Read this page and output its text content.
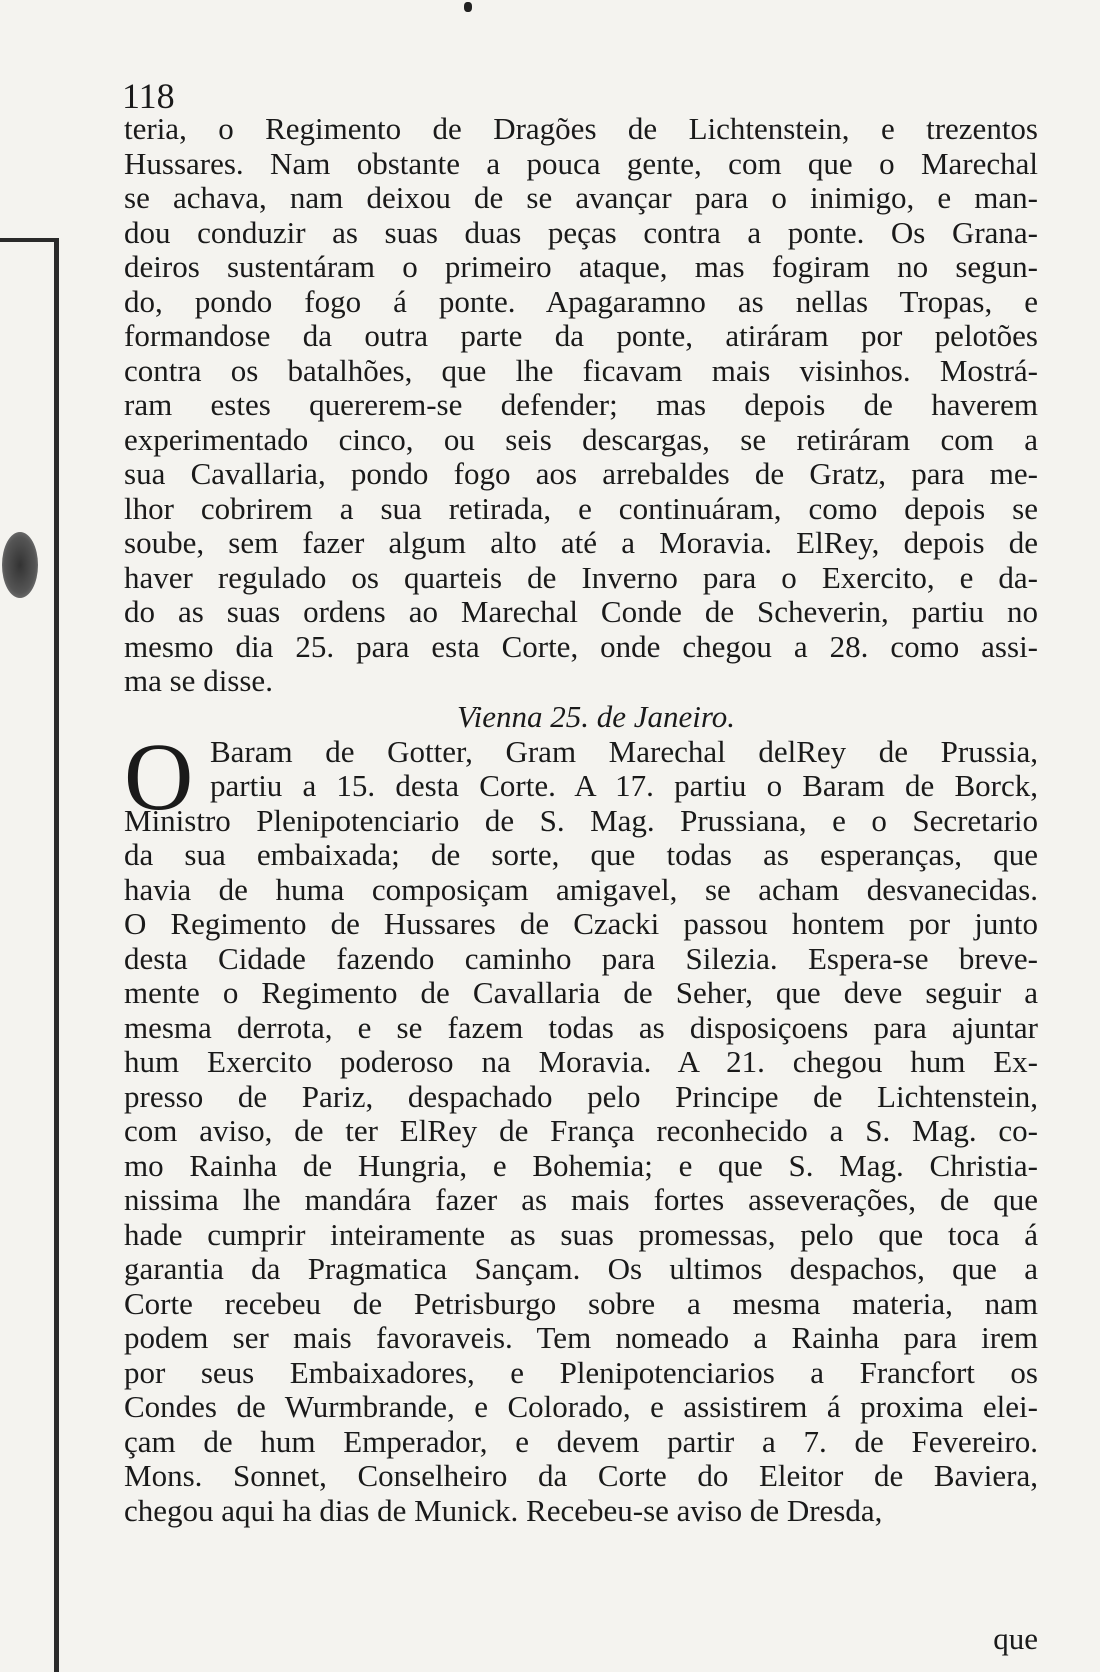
118
teria, o Regimento de Dragões de Lichtenstein, e trezentos
Hussares. Nam obstante a pouca gente, com que o Marechal
se achava, nam deixou de se avançar para o inimigo, e man-
dou conduzir as suas duas peças contra a ponte. Os Grana-
deiros sustentáram o primeiro ataque, mas fogiram no segun-
do, pondo fogo á ponte. Apagaramno as nellas Tropas, e
formandose da outra parte da ponte, atiráram por pelotões
contra os batalhões, que lhe ficavam mais visinhos. Mostrá-
ram estes quererem-se defender; mas depois de haverem
experimentado cinco, ou seis descargas, se retiráram com a
sua Cavallaria, pondo fogo aos arrebaldes de Gratz, para me-
lhor cobrirem a sua retirada, e continuáram, como depois se
soube, sem fazer algum alto até a Moravia. ElRey, depois de
haver regulado os quarteis de Inverno para o Exercito, e da-
do as suas ordens ao Marechal Conde de Scheverin, partiu no
mesmo dia 25. para esta Corte, onde chegou a 28. como assi-
ma se disse.
Vienna 25. de Janeiro.
O Baram de Gotter, Gram Marechal delRey de Prussia,
partiu a 15. desta Corte. A 17. partiu o Baram de Borck,
Ministro Plenipotenciario de S. Mag. Prussiana, e o Secretario
da sua embaixada; de sorte, que todas as esperanças, que
havia de huma composiçam amigavel, se acham desvanecidas.
O Regimento de Hussares de Czacki passou hontem por junto
desta Cidade fazendo caminho para Silezia. Espera-se breve-
mente o Regimento de Cavallaria de Seher, que deve seguir a
mesma derrota, e se fazem todas as disposiçoens para ajuntar
hum Exercito poderoso na Moravia. A 21. chegou hum Ex-
presso de Pariz, despachado pelo Principe de Lichtenstein,
com aviso, de ter ElRey de França reconhecido a S. Mag. co-
mo Rainha de Hungria, e Bohemia; e que S. Mag. Christia-
nissima lhe mandára fazer as mais fortes asseverações, de que
hade cumprir inteiramente as suas promessas, pelo que toca á
garantia da Pragmatica Sançam. Os ultimos despachos, que a
Corte recebeu de Petrisburgo sobre a mesma materia, nam
podem ser mais favoraveis. Tem nomeado a Rainha para irem
por seus Embaixadores, e Plenipotenciarios a Francfort os
Condes de Wurmbrande, e Colorado, e assistirem á proxima elei-
çam de hum Emperador, e devem partir a 7. de Fevereiro.
Mons. Sonnet, Conselheiro da Corte do Eleitor de Baviera,
chegou aqui ha dias de Munick. Recebeu-se aviso de Dresda,
que
